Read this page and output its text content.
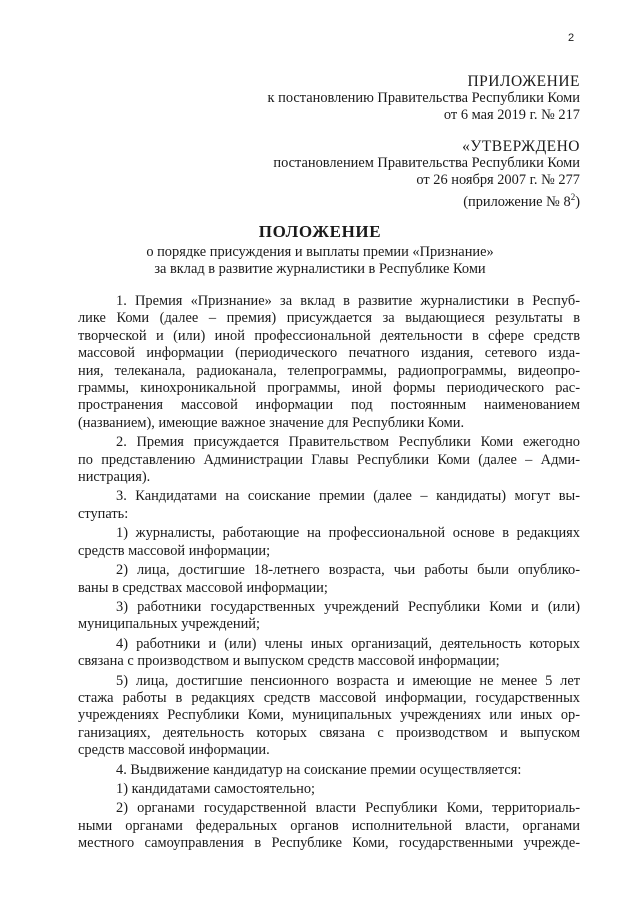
2
ПРИЛОЖЕНИЕ
к постановлению Правительства Республики Коми
от 6 мая 2019 г. № 217
«УТВЕРЖДЕНО
постановлением Правительства Республики Коми
от 26 ноября 2007 г. № 277
(приложение № $8^2$)
ПОЛОЖЕНИЕ
о порядке присуждения и выплаты премии «Признание»
за вклад в развитие журналистики в Республике Коми

1. Премия «Признание» за вклад в развитие журналистики в Респуб-

лике Коми (далее – премия) присуждается за выдающиеся результаты в

творческой и (или) иной профессиональной деятельности в сфере средств

массовой информации (периодического печатного издания, сетевого изда-

ния, телеканала, радиоканала, телепрограммы, радиопрограммы, видеопро-

граммы, кинохроникальной программы, иной формы периодического рас-

пространения массовой информации под постоянным наименованием

(названием), имеющие важное значение для Республики Коми.

2. Премия присуждается Правительством Республики Коми ежегодно

по представлению Администрации Главы Республики Коми (далее – Адми-

нистрация).

3. Кандидатами на соискание премии (далее – кандидаты) могут вы-

ступать:

1) журналисты, работающие на профессиональной основе в редакциях

средств массовой информации;

2) лица, достигшие 18-летнего возраста, чьи работы были опублико-

ваны в средствах массовой информации;

3) работники государственных учреждений Республики Коми и (или)

муниципальных учреждений;

4) работники и (или) члены иных организаций, деятельность которых

связана с производством и выпуском средств массовой информации;

5) лица, достигшие пенсионного возраста и имеющие не менее 5 лет

стажа работы в редакциях средств массовой информации, государственных

учреждениях Республики Коми, муниципальных учреждениях или иных ор-

ганизациях, деятельность которых связана с производством и выпуском

средств массовой информации.

4. Выдвижение кандидатур на соискание премии осуществляется:

1) кандидатами самостоятельно;

2) органами государственной власти Республики Коми, территориаль-

ными органами федеральных органов исполнительной власти, органами

местного самоуправления в Республике Коми, государственными учрежде-
